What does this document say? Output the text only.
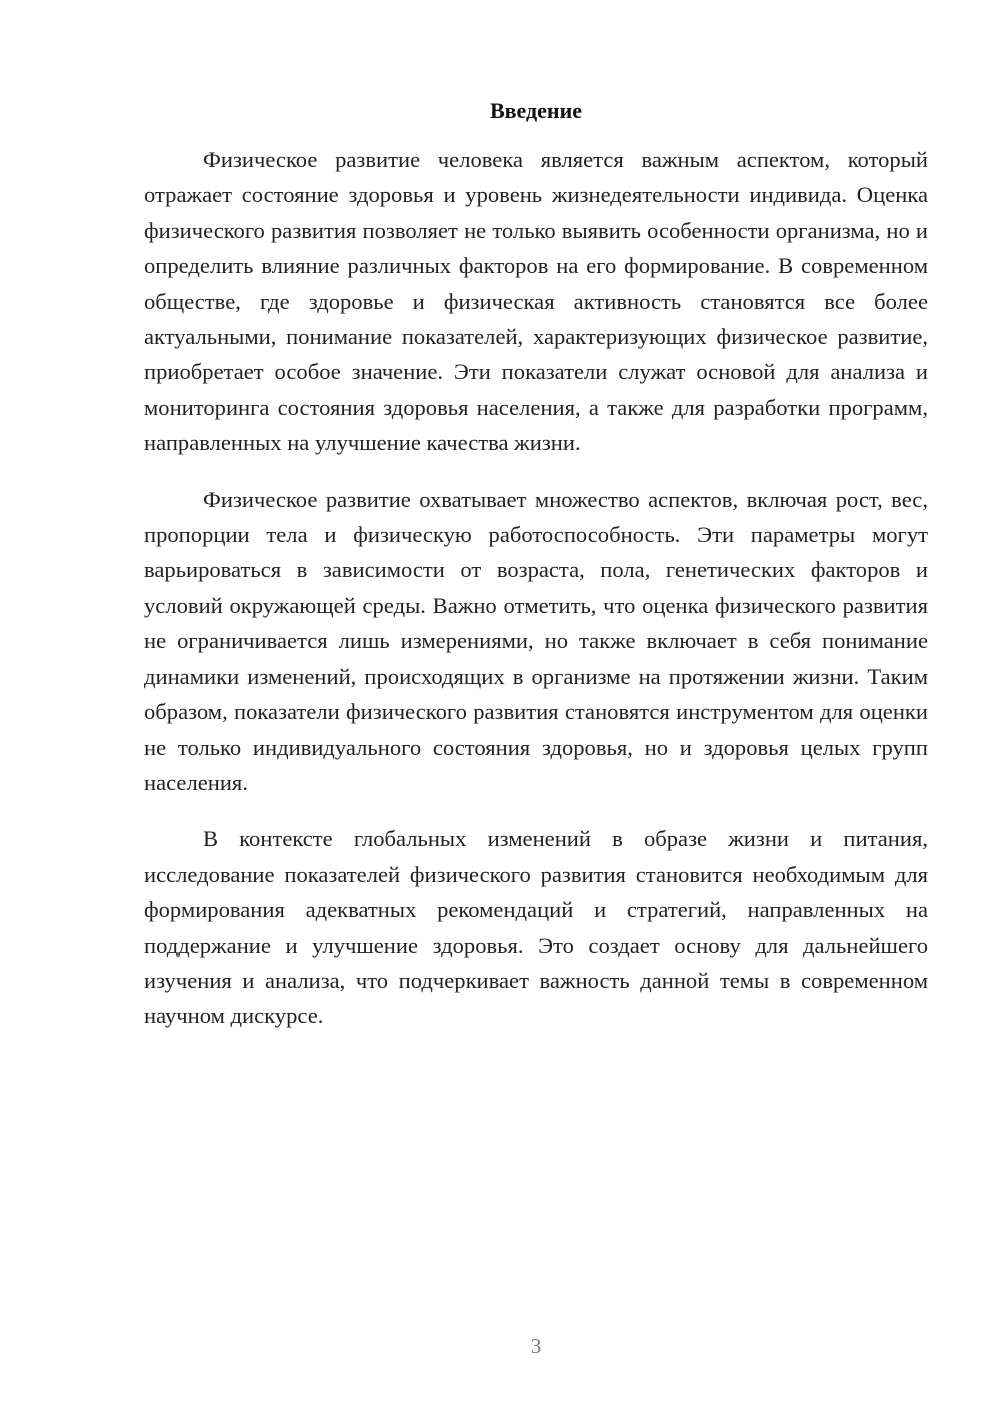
Введение

Физическое развитие человека является важным аспектом, который отражает состояние здоровья и уровень жизнедеятельности индивида. Оценка физического развития позволяет не только выявить особенности организма, но и определить влияние различных факторов на его формирование. В современном обществе, где здоровье и физическая активность становятся все более актуальными, понимание показателей, характеризующих физическое развитие, приобретает особое значение. Эти показатели служат основой для анализа и мониторинга состояния здоровья населения, а также для разработки программ, направленных на улучшение качества жизни.

Физическое развитие охватывает множество аспектов, включая рост, вес, пропорции тела и физическую работоспособность. Эти параметры могут варьироваться в зависимости от возраста, пола, генетических факторов и условий окружающей среды. Важно отметить, что оценка физического развития не ограничивается лишь измерениями, но также включает в себя понимание динамики изменений, происходящих в организме на протяжении жизни. Таким образом, показатели физического развития становятся инструментом для оценки не только индивидуального состояния здоровья, но и здоровья целых групп населения.

В контексте глобальных изменений в образе жизни и питания, исследование показателей физического развития становится необходимым для формирования адекватных рекомендаций и стратегий, направленных на поддержание и улучшение здоровья. Это создает основу для дальнейшего изучения и анализа, что подчеркивает важность данной темы в современном научном дискурсе.

3
